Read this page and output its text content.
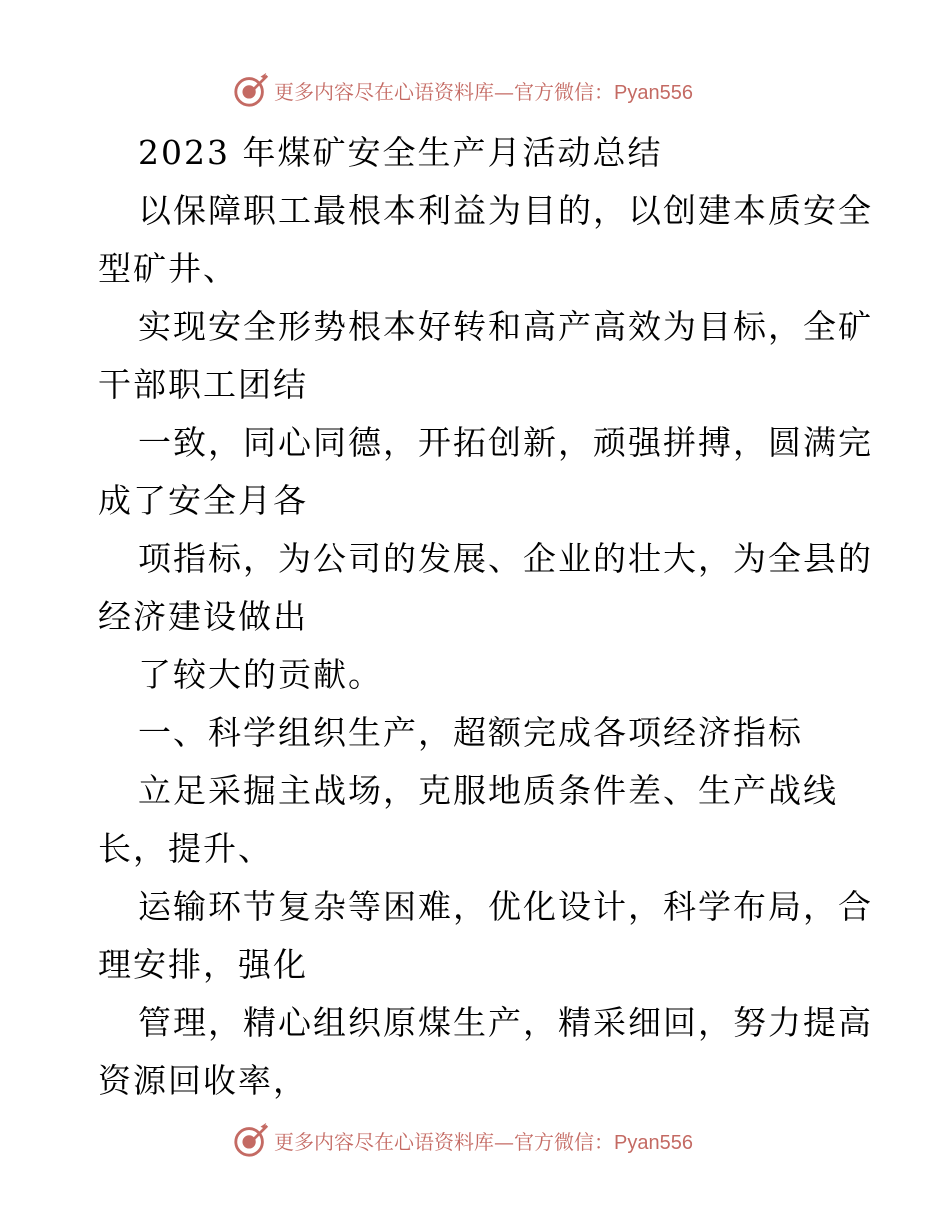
更多内容尽在心语资料库—官方微信：Pyan556
2023 年煤矿安全生产月活动总结
以保障职工最根本利益为目的，以创建本质安全
型矿井、
实现安全形势根本好转和高产高效为目标，全矿
干部职工团结
一致，同心同德，开拓创新，顽强拼搏，圆满完
成了安全月各
项指标，为公司的发展、企业的壮大，为全县的
经济建设做出
了较大的贡献。
一、科学组织生产，超额完成各项经济指标
立足采掘主战场，克服地质条件差、生产战线
长，提升、
运输环节复杂等困难，优化设计，科学布局，合
理安排，强化
管理，精心组织原煤生产，精采细回，努力提高
资源回收率，
更多内容尽在心语资料库—官方微信：Pyan556
